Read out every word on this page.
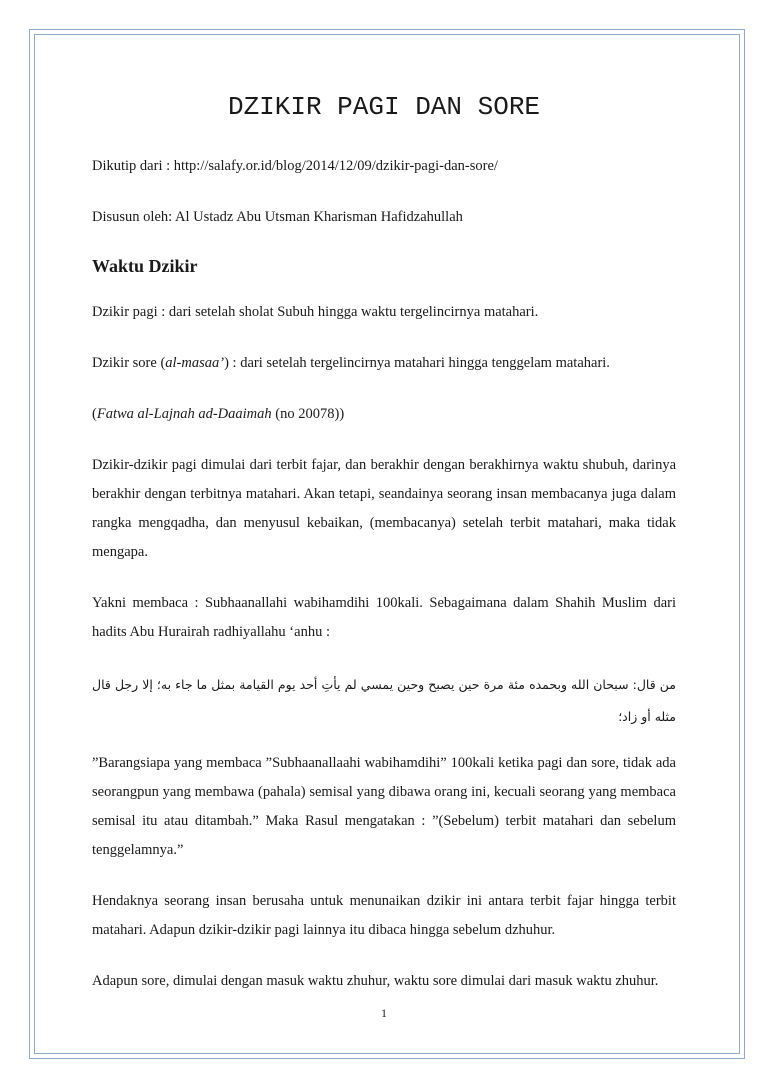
DZIKIR PAGI DAN SORE

Dikutip dari : http://salafy.or.id/blog/2014/12/09/dzikir-pagi-dan-sore/

Disusun oleh: Al Ustadz Abu Utsman Kharisman Hafidzahullah

Waktu Dzikir

Dzikir pagi : dari setelah sholat Subuh hingga waktu tergelincirnya matahari.

Dzikir sore (al-masaa’) : dari setelah tergelincirnya matahari hingga tenggelam matahari.

(Fatwa al-Lajnah ad-Daaimah (no 20078))

Dzikir-dzikir pagi dimulai dari terbit fajar, dan berakhir dengan berakhirnya waktu shubuh, darinya berakhir dengan terbitnya matahari. Akan tetapi, seandainya seorang insan membacanya juga dalam rangka mengqadha, dan menyusul kebaikan, (membacanya) setelah terbit matahari, maka tidak mengapa.

Yakni membaca : Subhaanallahi wabihamdihi 100kali. Sebagaimana dalam Shahih Muslim dari hadits Abu Hurairah radhiyallahu ‘anhu :

من قال: سبحان الله وبحمده مئة مرة حين يصبح وحين يمسي لم يأتِ أحد يوم القيامة بمثل ما جاء به؛ إلا رجل قال مثله أو زاد؛

”Barangsiapa yang membaca ”Subhaanallaahi wabihamdihi” 100kali ketika pagi dan sore, tidak ada seorangpun yang membawa (pahala) semisal yang dibawa orang ini, kecuali seorang yang membaca semisal itu atau ditambah.” Maka Rasul mengatakan : ”(Sebelum) terbit matahari dan sebelum tenggelamnya.”

Hendaknya seorang insan berusaha untuk menunaikan dzikir ini antara terbit fajar hingga terbit matahari. Adapun dzikir-dzikir pagi lainnya itu dibaca hingga sebelum dzhuhur.

Adapun sore, dimulai dengan masuk waktu zhuhur, waktu sore dimulai dari masuk waktu zhuhur.

1
